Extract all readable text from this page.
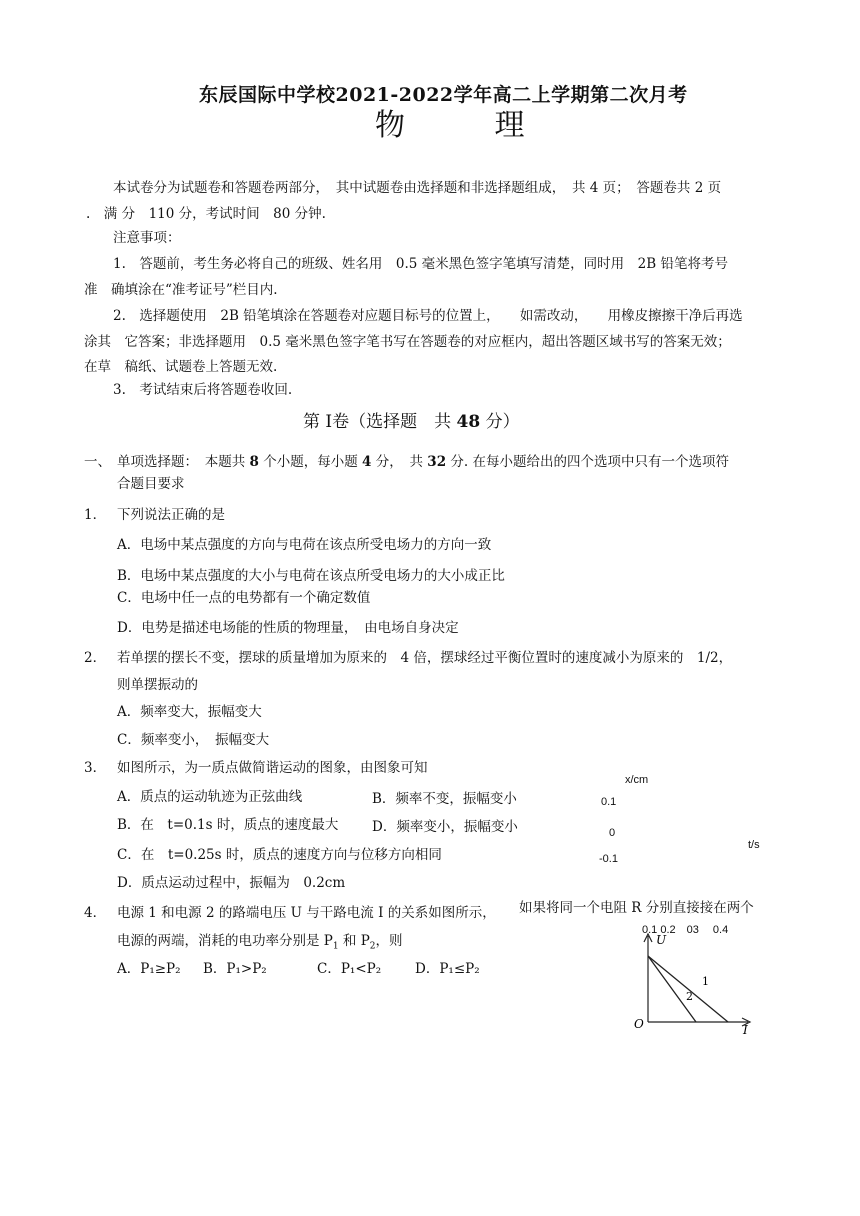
东辰国际中学校2021-2022学年高二上学期第二次月考
物 理
本试卷分为试题卷和答题卷两部分，　其中试题卷由选择题和非选择题组成，　共 4 页；　答题卷共 2 页
.　满 分　110 分，考试时间　80 分钟.
注意事项：
1.　答题前，考生务必将自己的班级、姓名用　0.5 毫米黑色签字笔填写清楚，同时用　2B 铅笔将考号
准　确填涂在“准考证号”栏目内.
2.　选择题使用　2B 铅笔填涂在答题卷对应题目标号的位置上，　　如需改动，　　用橡皮擦擦干净后再选
涂其　它答案；非选择题用　0.5 毫米黑色签字笔书写在答题卷的对应框内，超出答题区域书写的答案无效；
在草　稿纸、试题卷上答题无效.
3.　考试结束后将答题卷收回.
第 Ⅰ卷（选择题　共 48 分）
一、 单项选择题：　本题共 8 个小题，每小题 4 分，　共 32 分. 在每小题给出的四个选项中只有一个选项符
合题目要求
1． 下列说法正确的是
A．电场中某点强度的方向与电荷在该点所受电场力的方向一致
B．电场中某点强度的大小与电荷在该点所受电场力的大小成正比
C．电场中任一点的电势都有一个确定数值
D．电势是描述电场能的性质的物理量，　由电场自身决定
2． 若单摆的摆长不变，摆球的质量增加为原来的　4 倍，摆球经过平衡位置时的速度减小为原来的　1/2，
则单摆振动的
A．频率变大，振幅变大
C．频率变小，　振幅变大
3． 如图所示，为一质点做简谐运动的图象，由图象可知
A．质点的运动轨迹为正弦曲线	B．频率不变，振幅变小
B．在　t=0.1s 时，质点的速度最大 D．频率变小，振幅变小
C．在　t=0.25s 时，质点的速度方向与位移方向相同
D．质点运动过程中，振幅为　0.2cm
x/cm
0.1
0
-0.1
t/s
4． 电源 1 和电源 2 的路端电压 U 与干路电流 I 的关系如图所示， 如果将同一个电阻 R 分别直接接在两个
电源的两端，消耗的电功率分别是 $P_1$ 和 $P_2$，则
A．P₁≥P₂ B．P₁>P₂	C．P₁<P₂	D．P₁≤P₂
0.1 0.2　03　 0.4
U
1
2
O	I
